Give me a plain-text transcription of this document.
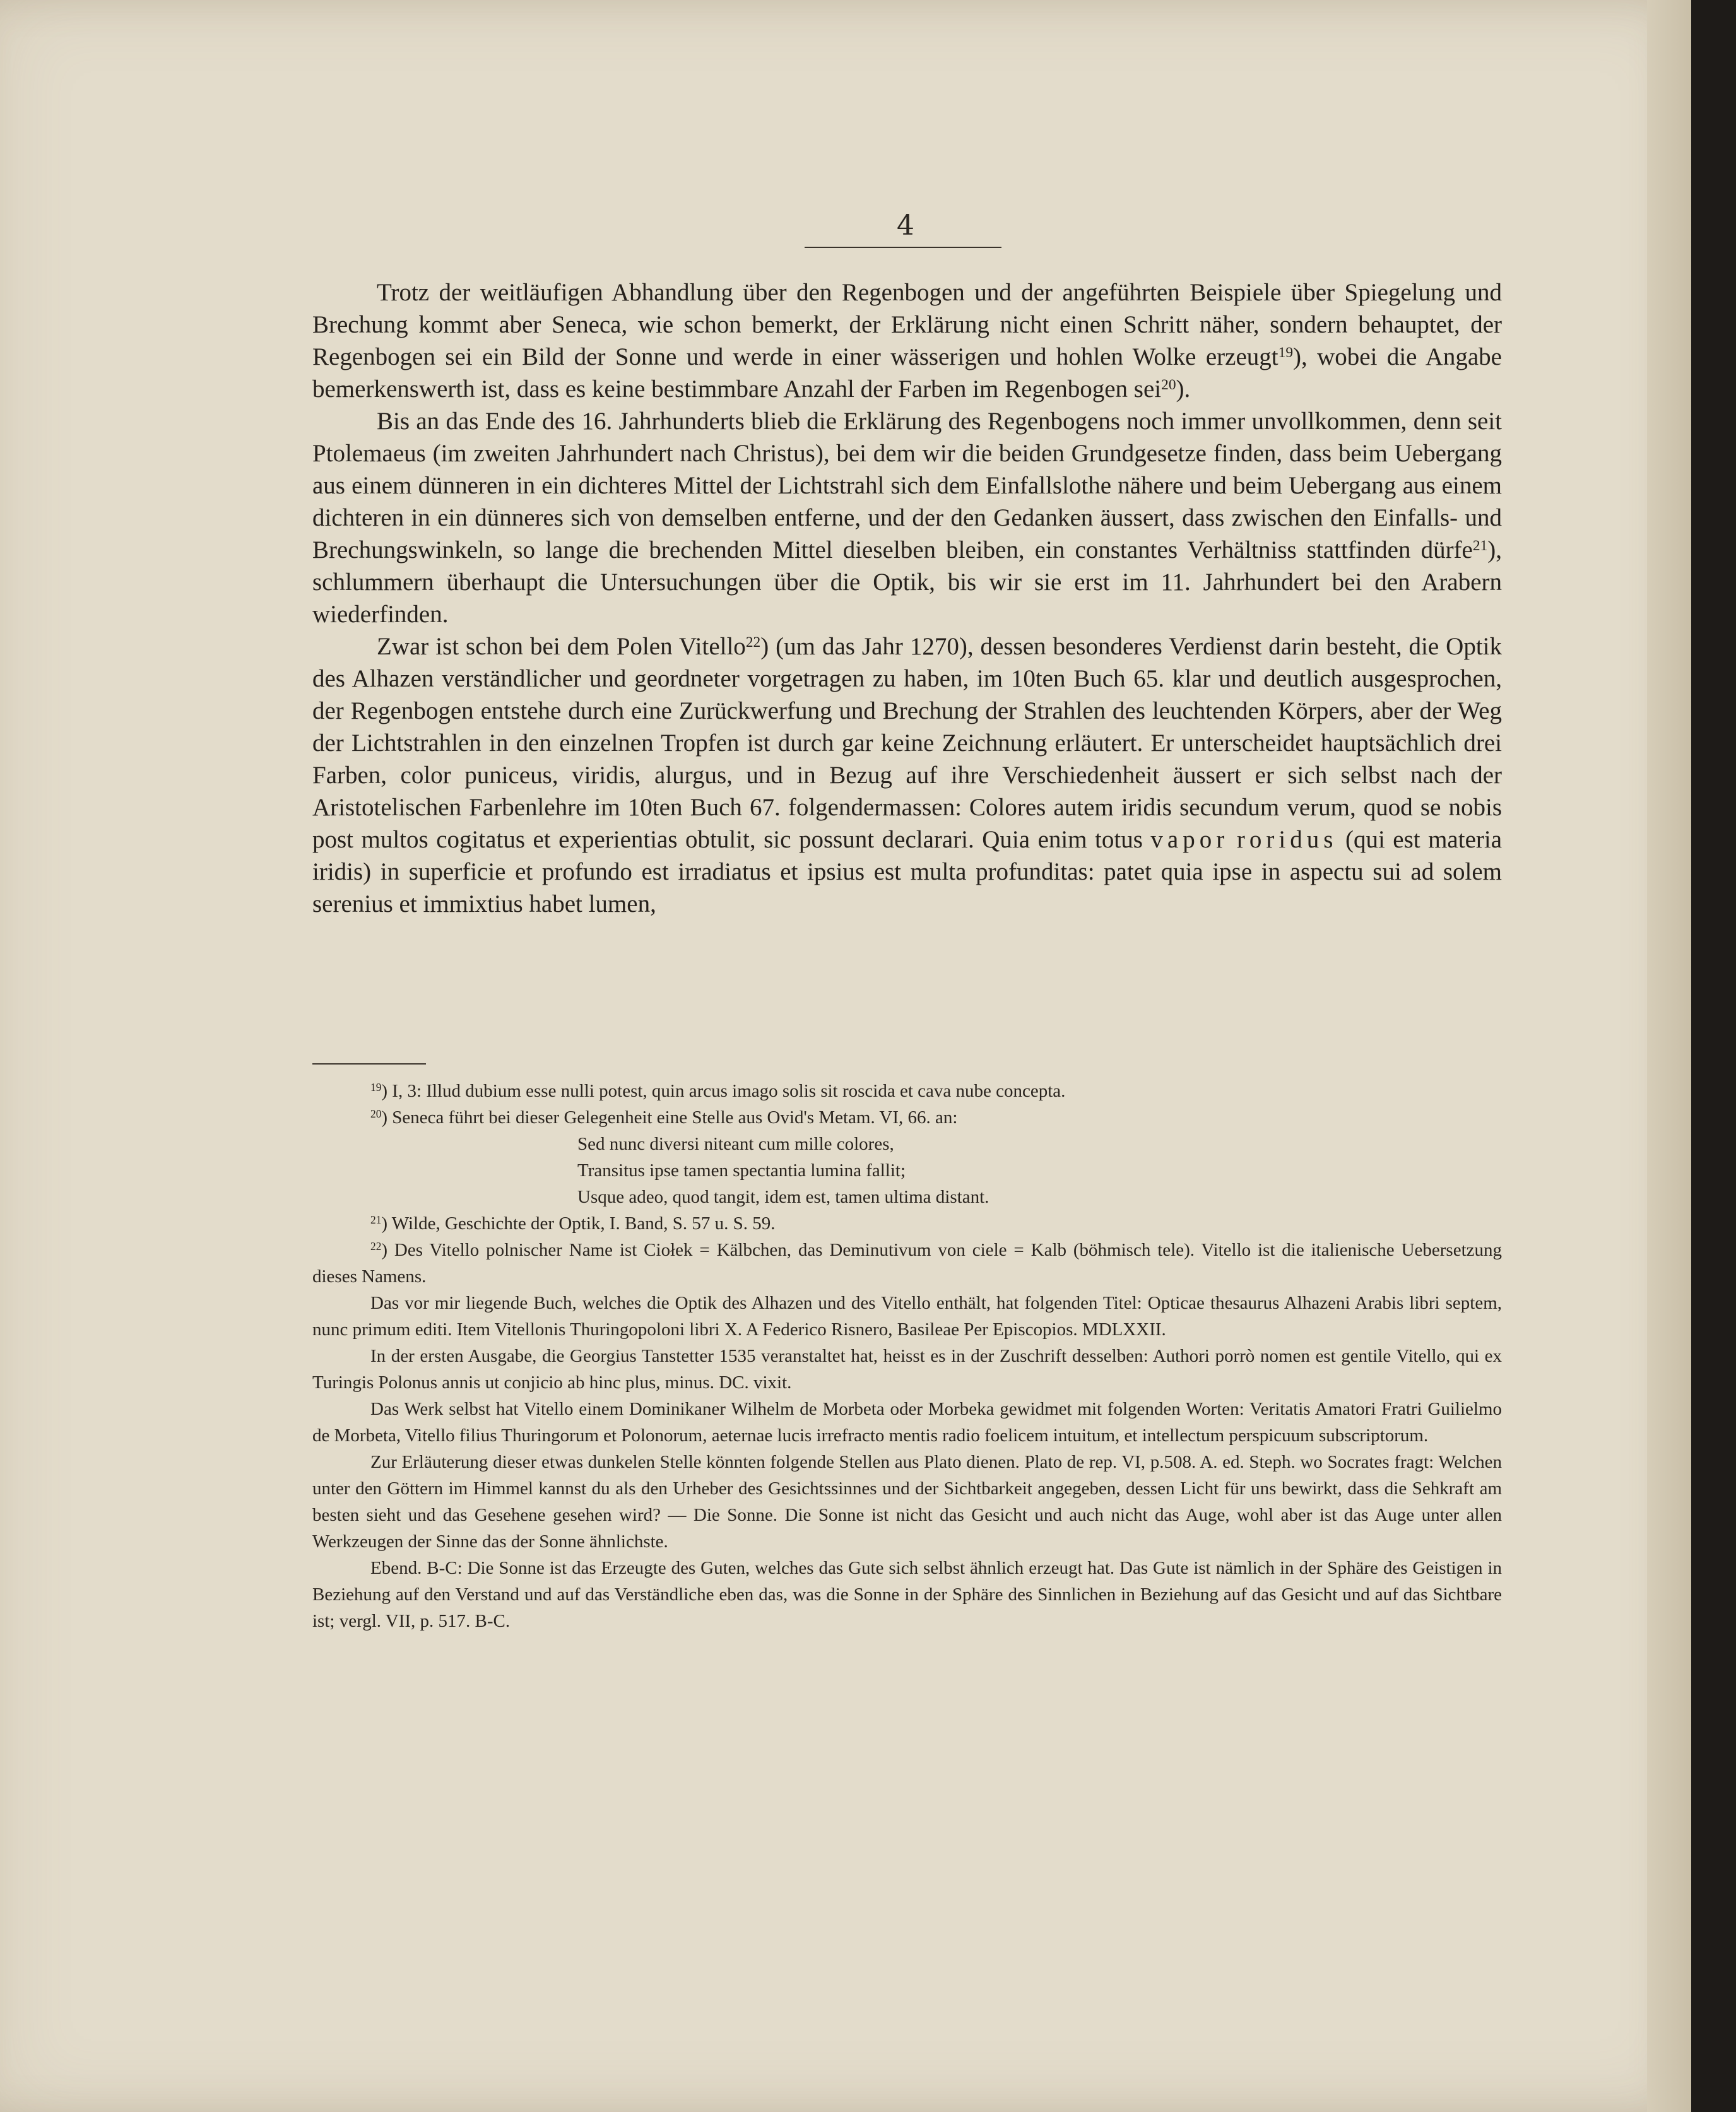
4

Trotz der weitläufigen Abhandlung über den Regenbogen und der angeführten Beispiele über Spiegelung und Brechung kommt aber Seneca, wie schon bemerkt, der Erklärung nicht einen Schritt näher, sondern behauptet, der Regenbogen sei ein Bild der Sonne und werde in einer wässerigen und hohlen Wolke erzeugt$^{19}$), wobei die Angabe bemerkenswerth ist, dass es keine bestimmbare Anzahl der Farben im Regenbogen sei$^{20}$).

Bis an das Ende des 16. Jahrhunderts blieb die Erklärung des Regenbogens noch immer unvollkommen, denn seit Ptolemaeus (im zweiten Jahrhundert nach Christus), bei dem wir die beiden Grundgesetze finden, dass beim Uebergang aus einem dünneren in ein dichteres Mittel der Lichtstrahl sich dem Einfallslothe nähere und beim Uebergang aus einem dichteren in ein dünneres sich von demselben entferne, und der den Gedanken äussert, dass zwischen den Einfalls- und Brechungswinkeln, so lange die brechenden Mittel dieselben bleiben, ein constantes Verhältniss stattfinden dürfe$^{21}$), schlummern überhaupt die Untersuchungen über die Optik, bis wir sie erst im 11. Jahrhundert bei den Arabern wiederfinden.

Zwar ist schon bei dem Polen Vitello$^{22}$) (um das Jahr 1270), dessen besonderes Verdienst darin besteht, die Optik des Alhazen verständlicher und geordneter vorgetragen zu haben, im 10ten Buch 65. klar und deutlich ausgesprochen, der Regenbogen entstehe durch eine Zurückwerfung und Brechung der Strahlen des leuchtenden Körpers, aber der Weg der Lichtstrahlen in den einzelnen Tropfen ist durch gar keine Zeichnung erläutert. Er unterscheidet hauptsächlich drei Farben, color puniceus, viridis, alurgus, und in Bezug auf ihre Verschiedenheit äussert er sich selbst nach der Aristotelischen Farbenlehre im 10ten Buch 67. folgendermassen: Colores autem iridis secundum verum, quod se nobis post multos cogitatus et experientias obtulit, sic possunt declarari. Quia enim totus vapor roridus (qui est materia iridis) in superficie et profundo est irradiatus et ipsius est multa profunditas: patet quia ipse in aspectu sui ad solem serenius et immixtius habet lumen,

$^{19}$) I, 3: Illud dubium esse nulli potest, quin arcus imago solis sit roscida et cava nube concepta.

$^{20}$) Seneca führt bei dieser Gelegenheit eine Stelle aus Ovid's Metam. VI, 66. an:

Sed nunc diversi niteant cum mille colores,

Transitus ipse tamen spectantia lumina fallit;

Usque adeo, quod tangit, idem est, tamen ultima distant.

$^{21}$) Wilde, Geschichte der Optik, I. Band, S. 57 u. S. 59.

$^{22}$) Des Vitello polnischer Name ist Ciołek = Kälbchen, das Deminutivum von ciele = Kalb (böhmisch tele). Vitello ist die italienische Uebersetzung dieses Namens.

Das vor mir liegende Buch, welches die Optik des Alhazen und des Vitello enthält, hat folgenden Titel: Opticae thesaurus Alhazeni Arabis libri septem, nunc primum editi. Item Vitellonis Thuringopoloni libri X. A Federico Risnero, Basileae Per Episcopios. MDLXXII.

In der ersten Ausgabe, die Georgius Tanstetter 1535 veranstaltet hat, heisst es in der Zuschrift desselben: Authori porrò nomen est gentile Vitello, qui ex Turingis Polonus annis ut conjicio ab hinc plus, minus. DC. vixit.

Das Werk selbst hat Vitello einem Dominikaner Wilhelm de Morbeta oder Morbeka gewidmet mit folgenden Worten: Veritatis Amatori Fratri Guilielmo de Morbeta, Vitello filius Thuringorum et Polonorum, aeternae lucis irrefracto mentis radio foelicem intuitum, et intellectum perspicuum subscriptorum.

Zur Erläuterung dieser etwas dunkelen Stelle könnten folgende Stellen aus Plato dienen. Plato de rep. VI, p.508. A. ed. Steph. wo Socrates fragt: Welchen unter den Göttern im Himmel kannst du als den Urheber des Gesichtssinnes und der Sichtbarkeit angegeben, dessen Licht für uns bewirkt, dass die Sehkraft am besten sieht und das Gesehene gesehen wird? — Die Sonne. Die Sonne ist nicht das Gesicht und auch nicht das Auge, wohl aber ist das Auge unter allen Werkzeugen der Sinne das der Sonne ähnlichste.

Ebend. B-C: Die Sonne ist das Erzeugte des Guten, welches das Gute sich selbst ähnlich erzeugt hat. Das Gute ist nämlich in der Sphäre des Geistigen in Beziehung auf den Verstand und auf das Verständliche eben das, was die Sonne in der Sphäre des Sinnlichen in Beziehung auf das Gesicht und auf das Sichtbare ist; vergl. VII, p. 517. B-C.
